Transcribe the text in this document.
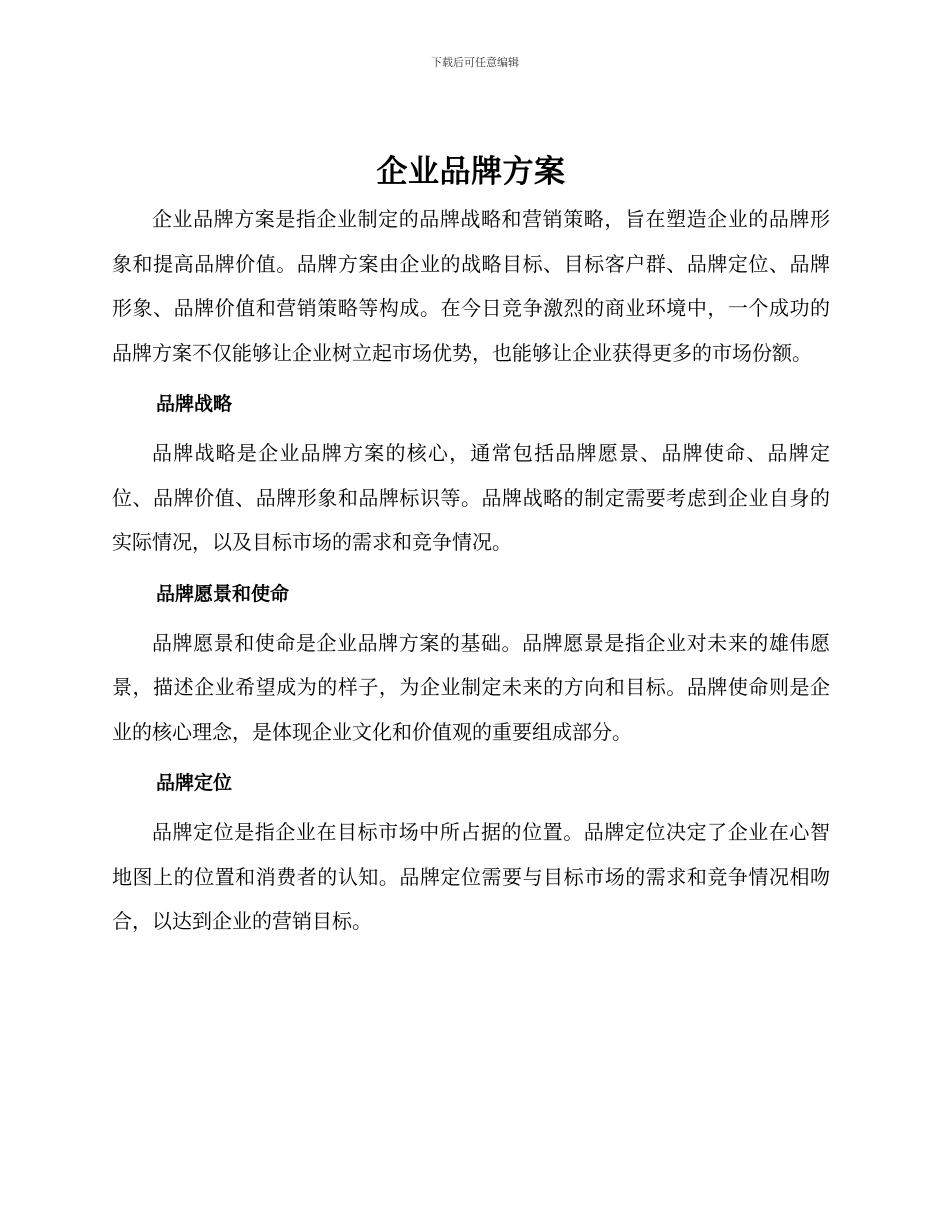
下载后可任意编辑
企业品牌方案

企业品牌方案是指企业制定的品牌战略和营销策略，旨在塑造企业的品牌形象和提高品牌价值。品牌方案由企业的战略目标、目标客户群、品牌定位、品牌形象、品牌价值和营销策略等构成。在今日竞争激烈的商业环境中，一个成功的品牌方案不仅能够让企业树立起市场优势，也能够让企业获得更多的市场份额。

品牌战略

品牌战略是企业品牌方案的核心，通常包括品牌愿景、品牌使命、品牌定位、品牌价值、品牌形象和品牌标识等。品牌战略的制定需要考虑到企业自身的实际情况，以及目标市场的需求和竞争情况。

品牌愿景和使命

品牌愿景和使命是企业品牌方案的基础。品牌愿景是指企业对未来的雄伟愿景，描述企业希望成为的样子，为企业制定未来的方向和目标。品牌使命则是企业的核心理念，是体现企业文化和价值观的重要组成部分。

品牌定位

品牌定位是指企业在目标市场中所占据的位置。品牌定位决定了企业在心智地图上的位置和消费者的认知。品牌定位需要与目标市场的需求和竞争情况相吻合，以达到企业的营销目标。
